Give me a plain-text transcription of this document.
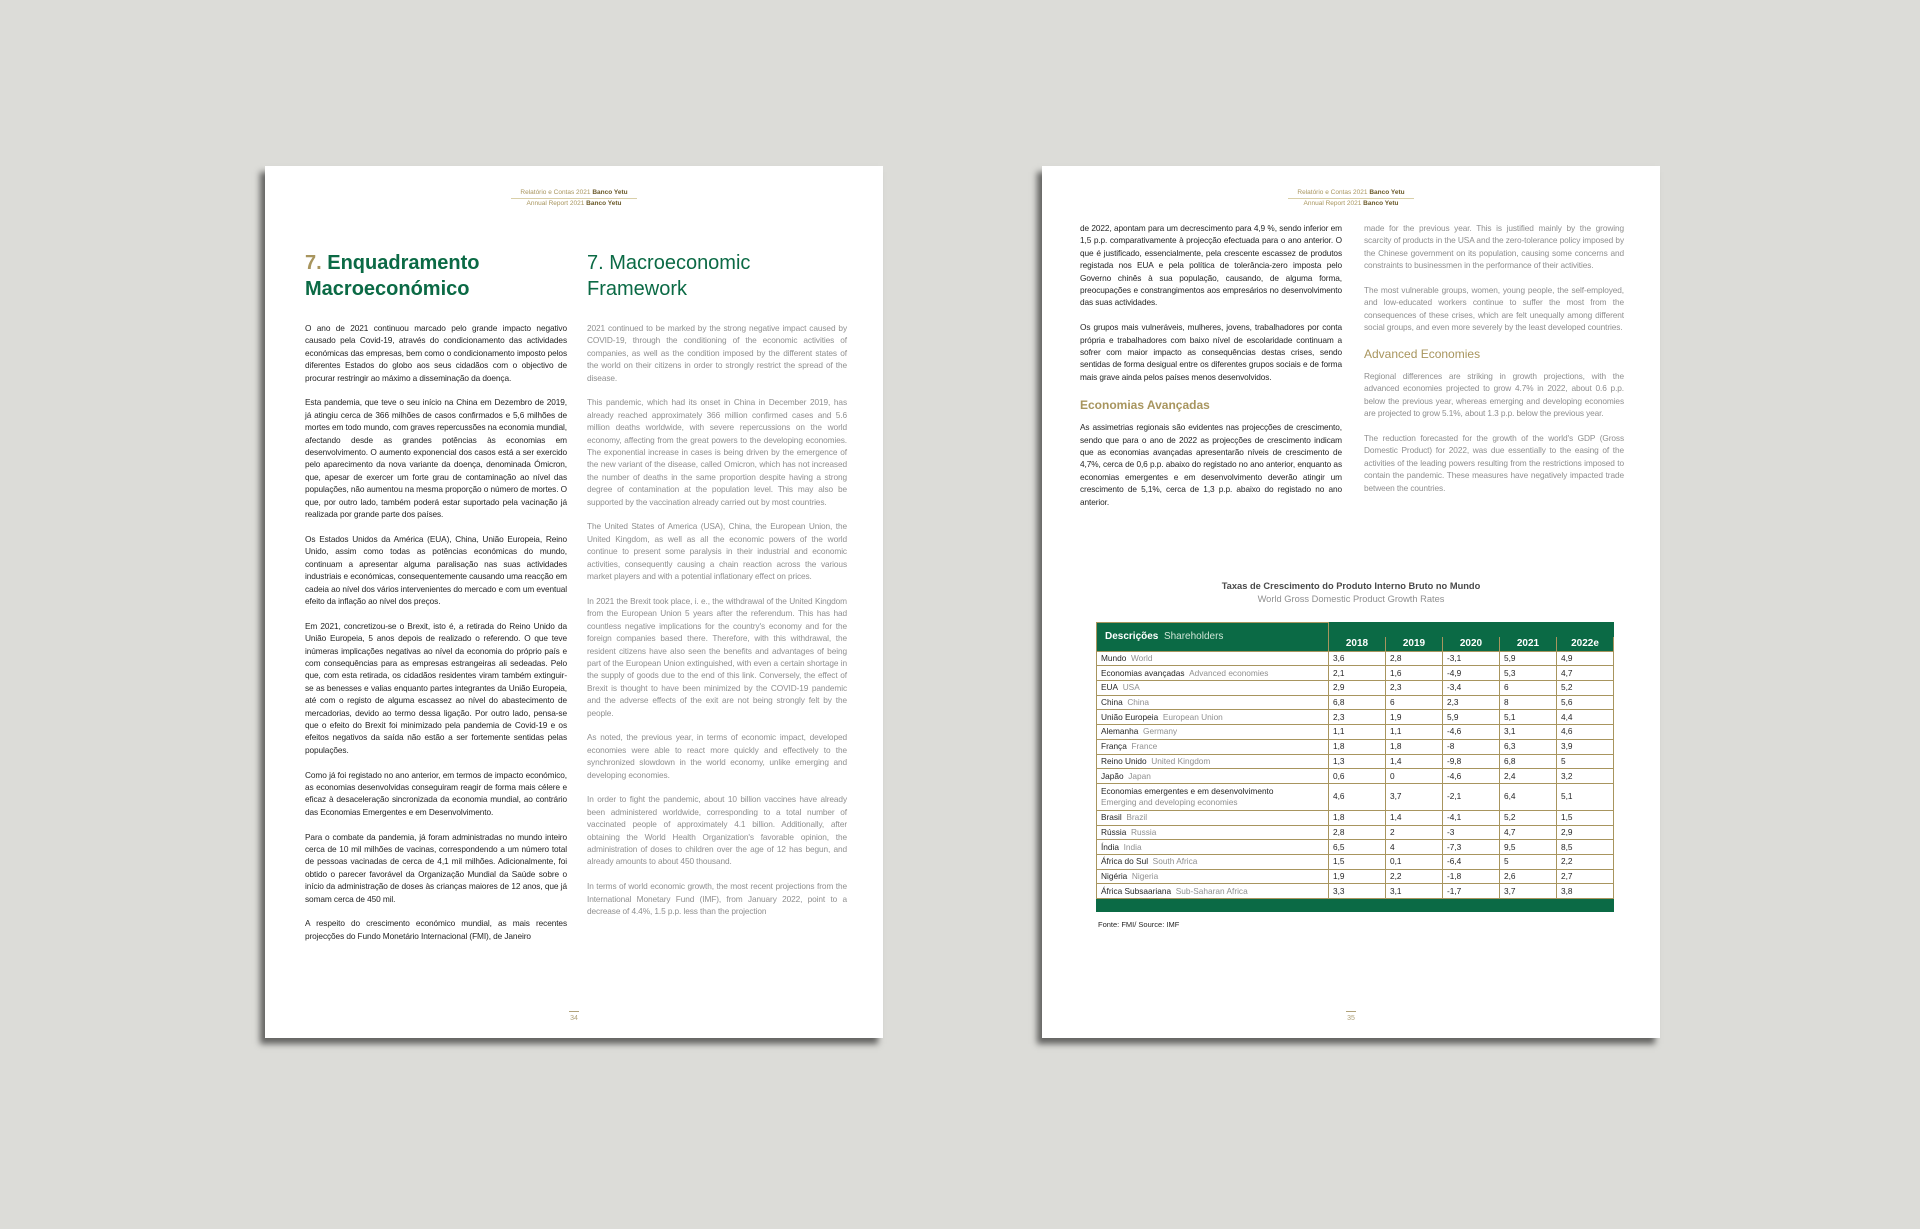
Relatório e Contas 2021 Banco Yetu
Annual Report 2021 Banco Yetu
7. Enquadramento Macroeconómico

O ano de 2021 continuou marcado pelo grande impacto negativo causado pela Covid-19, através do condicionamento das actividades económicas das empresas, bem como o condicionamento imposto pelos diferentes Estados do globo aos seus cidadãos com o objectivo de procurar restringir ao máximo a disseminação da doença.

Esta pandemia, que teve o seu início na China em Dezembro de 2019, já atingiu cerca de 366 milhões de casos confirmados e 5,6 milhões de mortes em todo mundo, com graves repercussões na economia mundial, afectando desde as grandes potências às economias em desenvolvimento. O aumento exponencial dos casos está a ser exercido pelo aparecimento da nova variante da doença, denominada Ómicron, que, apesar de exercer um forte grau de contaminação ao nível das populações, não aumentou na mesma proporção o número de mortes. O que, por outro lado, também poderá estar suportado pela vacinação já realizada por grande parte dos países.

Os Estados Unidos da América (EUA), China, União Europeia, Reino Unido, assim como todas as potências económicas do mundo, continuam a apresentar alguma paralisação nas suas actividades industriais e económicas, consequentemente causando uma reacção em cadeia ao nível dos vários intervenientes do mercado e com um eventual efeito da inflação ao nível dos preços.

Em 2021, concretizou-se o Brexit, isto é, a retirada do Reino Unido da União Europeia, 5 anos depois de realizado o referendo. O que teve inúmeras implicações negativas ao nível da economia do próprio país e com consequências para as empresas estrangeiras ali sedeadas. Pelo que, com esta retirada, os cidadãos residentes viram também extinguir-se as benesses e valias enquanto partes integrantes da União Europeia, até com o registo de alguma escassez ao nível do abastecimento de mercadorias, devido ao termo dessa ligação. Por outro lado, pensa-se que o efeito do Brexit foi minimizado pela pandemia de Covid-19 e os efeitos negativos da saída não estão a ser fortemente sentidas pelas populações.

Como já foi registado no ano anterior, em termos de impacto económico, as economias desenvolvidas conseguiram reagir de forma mais célere e eficaz à desaceleração sincronizada da economia mundial, ao contrário das Economias Emergentes e em Desenvolvimento.

Para o combate da pandemia, já foram administradas no mundo inteiro cerca de 10 mil milhões de vacinas, correspondendo a um número total de pessoas vacinadas de cerca de 4,1 mil milhões. Adicionalmente, foi obtido o parecer favorável da Organização Mundial da Saúde sobre o início da administração de doses às crianças maiores de 12 anos, que já somam cerca de 450 mil.

A respeito do crescimento económico mundial, as mais recentes projecções do Fundo Monetário Internacional (FMI), de Janeiro

7. Macroeconomic Framework

2021 continued to be marked by the strong negative impact caused by COVID-19, through the conditioning of the economic activities of companies, as well as the condition imposed by the different states of the world on their citizens in order to strongly restrict the spread of the disease.

This pandemic, which had its onset in China in December 2019, has already reached approximately 366 million confirmed cases and 5.6 million deaths worldwide, with severe repercussions on the world economy, affecting from the great powers to the developing economies. The exponential increase in cases is being driven by the emergence of the new variant of the disease, called Omicron, which has not increased the number of deaths in the same proportion despite having a strong degree of contamination at the population level. This may also be supported by the vaccination already carried out by most countries.

The United States of America (USA), China, the European Union, the United Kingdom, as well as all the economic powers of the world continue to present some paralysis in their industrial and economic activities, consequently causing a chain reaction across the various market players and with a potential inflationary effect on prices.

In 2021 the Brexit took place, i. e., the withdrawal of the United Kingdom from the European Union 5 years after the referendum. This has had countless negative implications for the country's economy and for the foreign companies based there. Therefore, with this withdrawal, the resident citizens have also seen the benefits and advantages of being part of the European Union extinguished, with even a certain shortage in the supply of goods due to the end of this link. Conversely, the effect of Brexit is thought to have been minimized by the COVID-19 pandemic and the adverse effects of the exit are not being strongly felt by the people.

As noted, the previous year, in terms of economic impact, developed economies were able to react more quickly and effectively to the synchronized slowdown in the world economy, unlike emerging and developing economies.

In order to fight the pandemic, about 10 billion vaccines have already been administered worldwide, corresponding to a total number of vaccinated people of approximately 4.1 billion. Additionally, after obtaining the World Health Organization's favorable opinion, the administration of doses to children over the age of 12 has begun, and already amounts to about 450 thousand.

In terms of world economic growth, the most recent projections from the International Monetary Fund (IMF), from January 2022, point to a decrease of 4.4%, 1.5 p.p. less than the projection

34
Relatório e Contas 2021 Banco Yetu
Annual Report 2021 Banco Yetu

de 2022, apontam para um decrescimento para 4,9 %, sendo inferior em 1,5 p.p. comparativamente à projecção efectuada para o ano anterior. O que é justificado, essencialmente, pela crescente escassez de produtos registada nos EUA e pela política de tolerância-zero imposta pelo Governo chinês à sua população, causando, de alguma forma, preocupações e constrangimentos aos empresários no desenvolvimento das suas actividades.

Os grupos mais vulneráveis, mulheres, jovens, trabalhadores por conta própria e trabalhadores com baixo nível de escolaridade continuam a sofrer com maior impacto as consequências destas crises, sendo sentidas de forma desigual entre os diferentes grupos sociais e de forma mais grave ainda pelos países menos desenvolvidos.

Economias Avançadas

As assimetrias regionais são evidentes nas projecções de crescimento, sendo que para o ano de 2022 as projecções de crescimento indicam que as economias avançadas apresentarão níveis de crescimento de 4,7%, cerca de 0,6 p.p. abaixo do registado no ano anterior, enquanto as economias emergentes e em desenvolvimento deverão atingir um crescimento de 5,1%, cerca de 1,3 p.p. abaixo do registado no ano anterior.

made for the previous year. This is justified mainly by the growing scarcity of products in the USA and the zero-tolerance policy imposed by the Chinese government on its population, causing some concerns and constraints to businessmen in the performance of their activities.

The most vulnerable groups, women, young people, the self-employed, and low-educated workers continue to suffer the most from the consequences of these crises, which are felt unequally among different social groups, and even more severely by the least developed countries.

Advanced Economies

Regional differences are striking in growth projections, with the advanced economies projected to grow 4.7% in 2022, about 0.6 p.p. below the previous year, whereas emerging and developing economies are projected to grow 5.1%, about 1.3 p.p. below the previous year.

The reduction forecasted for the growth of the world's GDP (Gross Domestic Product) for 2022, was due essentially to the easing of the activities of the leading powers resulting from the restrictions imposed to contain the pandemic. These measures have negatively impacted trade between the countries.

Taxas de Crescimento do Produto Interno Bruto no Mundo
World Gross Domestic Product Growth Rates
Descrições Shareholders					
	2018	2019	2020	2021	2022e
Mundo World	3,6	2,8	-3,1	5,9	4,9
Economias avançadas Advanced economies	2,1	1,6	-4,9	5,3	4,7
EUA USA	2,9	2,3	-3,4	6	5,2
China China	6,8	6	2,3	8	5,6
União Europeia European Union	2,3	1,9	5,9	5,1	4,4
Alemanha Germany	1,1	1,1	-4,6	3,1	4,6
França France	1,8	1,8	-8	6,3	3,9
Reino Unido United Kingdom	1,3	1,4	-9,8	6,8	5
Japão Japan	0,6	0	-4,6	2,4	3,2
Economias emergentes e em desenvolvimento
Emerging and developing economies	4,6	3,7	-2,1	6,4	5,1
Brasil Brazil	1,8	1,4	-4,1	5,2	1,5
Rússia Russia	2,8	2	-3	4,7	2,9
Índia India	6,5	4	-7,3	9,5	8,5
África do Sul South Africa	1,5	0,1	-6,4	5	2,2
Nigéria Nigeria	1,9	2,2	-1,8	2,6	2,7
África Subsaariana Sub-Saharan Africa	3,3	3,1	-1,7	3,7	3,8

Fonte: FMI/ Source: IMF
35
